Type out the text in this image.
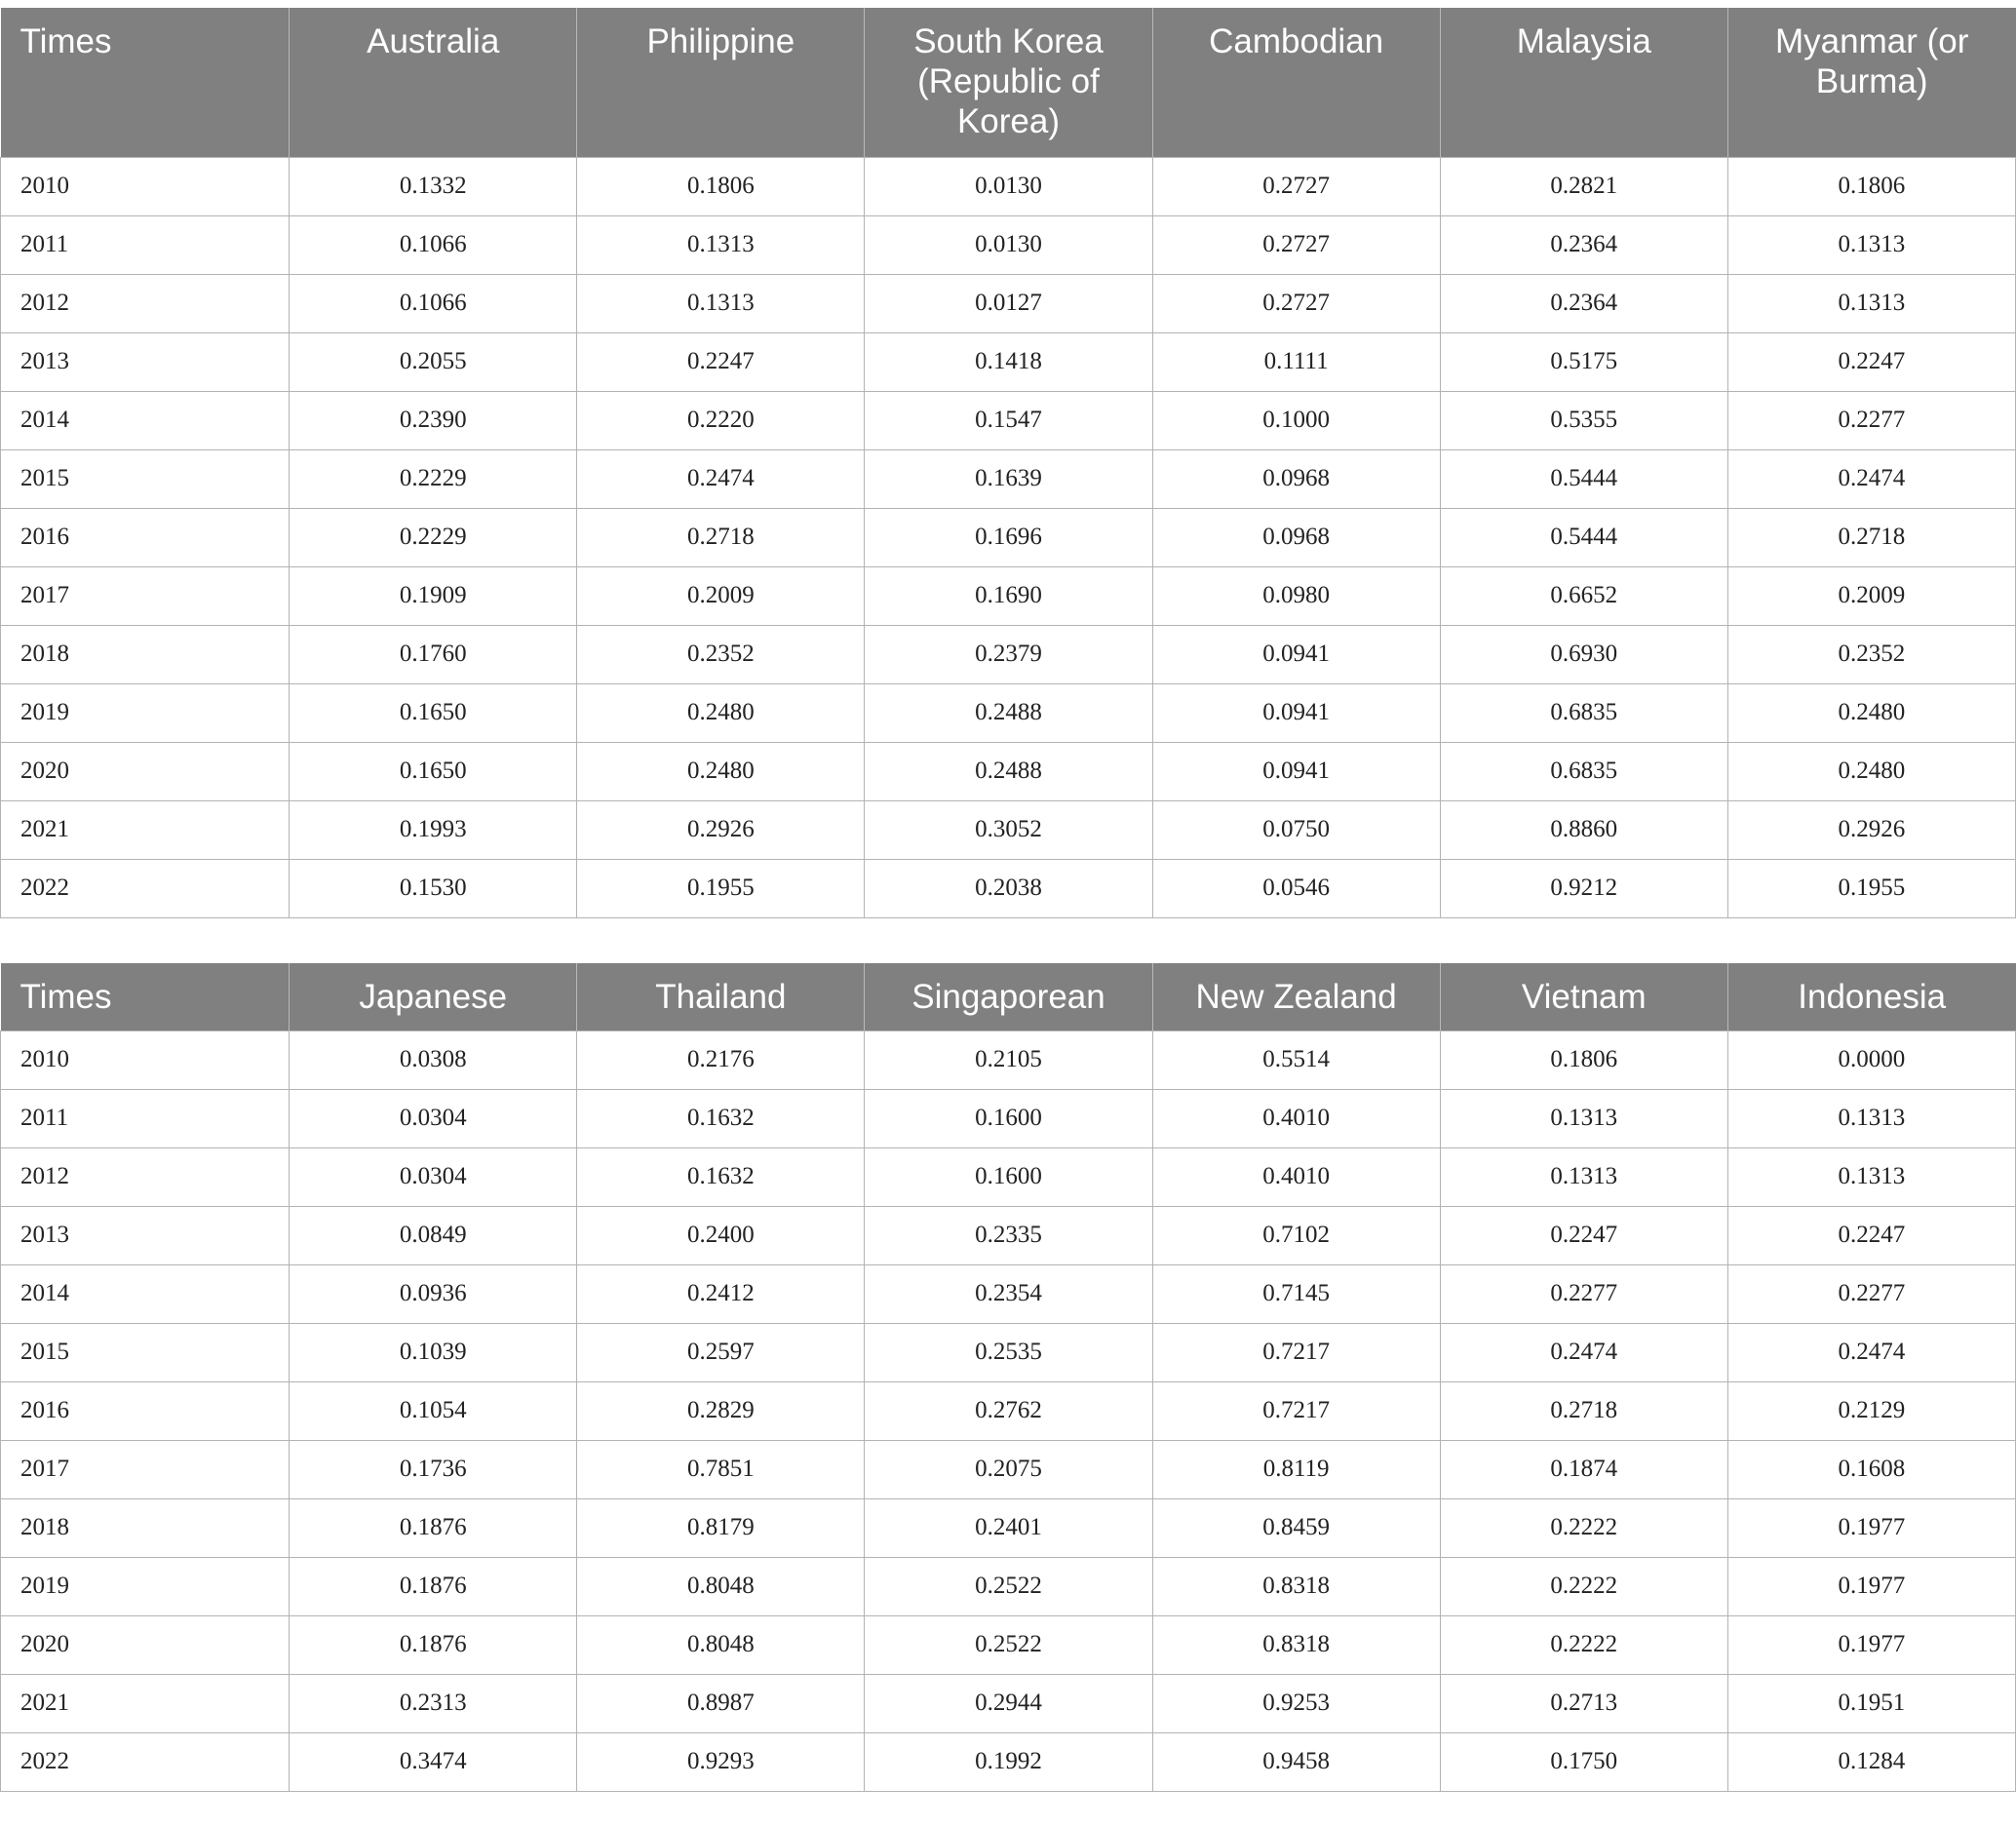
Times	Australia	Philippine	South Korea (Republic of Korea)	Cambodian	Malaysia	Myanmar (or Burma)
2010	0.1332	0.1806	0.0130	0.2727	0.2821	0.1806
2011	0.1066	0.1313	0.0130	0.2727	0.2364	0.1313
2012	0.1066	0.1313	0.0127	0.2727	0.2364	0.1313
2013	0.2055	0.2247	0.1418	0.1111	0.5175	0.2247
2014	0.2390	0.2220	0.1547	0.1000	0.5355	0.2277
2015	0.2229	0.2474	0.1639	0.0968	0.5444	0.2474
2016	0.2229	0.2718	0.1696	0.0968	0.5444	0.2718
2017	0.1909	0.2009	0.1690	0.0980	0.6652	0.2009
2018	0.1760	0.2352	0.2379	0.0941	0.6930	0.2352
2019	0.1650	0.2480	0.2488	0.0941	0.6835	0.2480
2020	0.1650	0.2480	0.2488	0.0941	0.6835	0.2480
2021	0.1993	0.2926	0.3052	0.0750	0.8860	0.2926
2022	0.1530	0.1955	0.2038	0.0546	0.9212	0.1955
Times	Japanese	Thailand	Singaporean	New Zealand	Vietnam	Indonesia
2010	0.0308	0.2176	0.2105	0.5514	0.1806	0.0000
2011	0.0304	0.1632	0.1600	0.4010	0.1313	0.1313
2012	0.0304	0.1632	0.1600	0.4010	0.1313	0.1313
2013	0.0849	0.2400	0.2335	0.7102	0.2247	0.2247
2014	0.0936	0.2412	0.2354	0.7145	0.2277	0.2277
2015	0.1039	0.2597	0.2535	0.7217	0.2474	0.2474
2016	0.1054	0.2829	0.2762	0.7217	0.2718	0.2129
2017	0.1736	0.7851	0.2075	0.8119	0.1874	0.1608
2018	0.1876	0.8179	0.2401	0.8459	0.2222	0.1977
2019	0.1876	0.8048	0.2522	0.8318	0.2222	0.1977
2020	0.1876	0.8048	0.2522	0.8318	0.2222	0.1977
2021	0.2313	0.8987	0.2944	0.9253	0.2713	0.1951
2022	0.3474	0.9293	0.1992	0.9458	0.1750	0.1284
